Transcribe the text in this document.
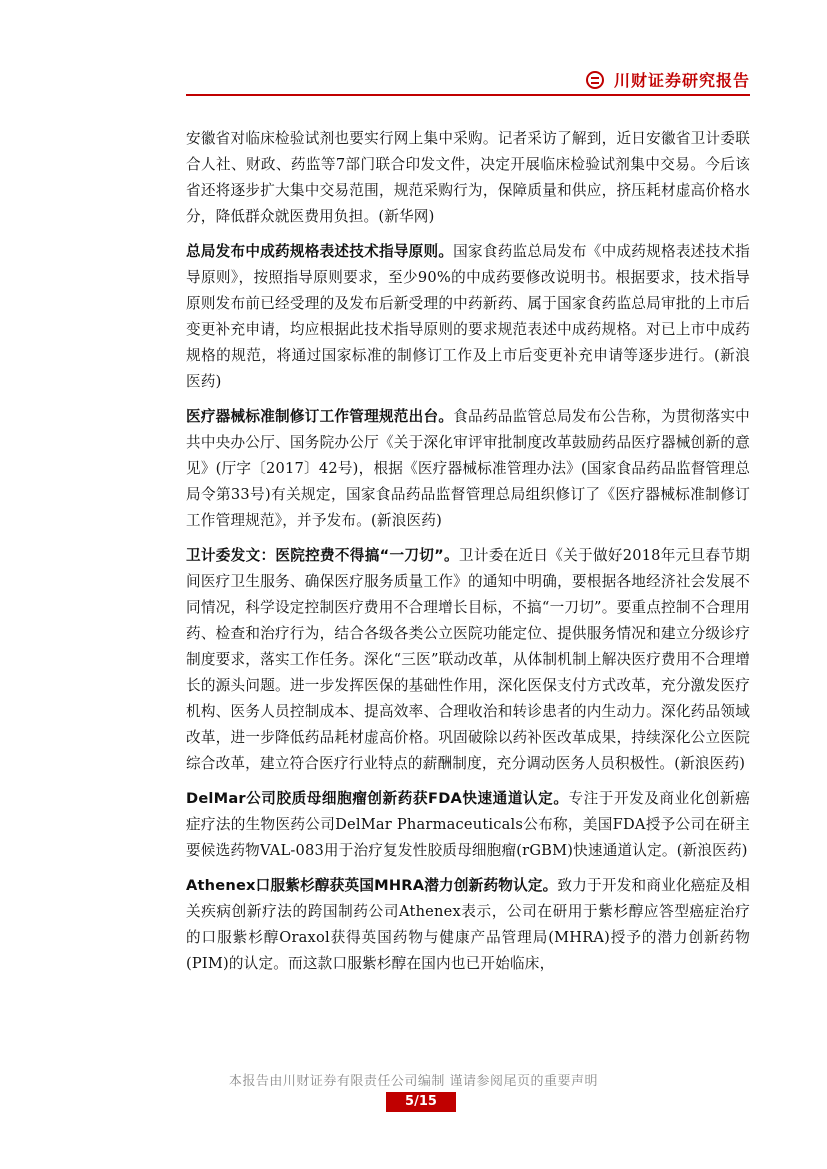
川财证券研究报告

安徽省对临床检验试剂也要实行网上集中采购。记者采访了解到，近日安徽省卫计委联合人社、财政、药监等7部门联合印发文件，决定开展临床检验试剂集中交易。今后该省还将逐步扩大集中交易范围，规范采购行为，保障质量和供应，挤压耗材虚高价格水分，降低群众就医费用负担。(新华网)

总局发布中成药规格表述技术指导原则。国家食药监总局发布《中成药规格表述技术指导原则》，按照指导原则要求，至少90%的中成药要修改说明书。根据要求，技术指导原则发布前已经受理的及发布后新受理的中药新药、属于国家食药监总局审批的上市后变更补充申请，均应根据此技术指导原则的要求规范表述中成药规格。对已上市中成药规格的规范，将通过国家标准的制修订工作及上市后变更补充申请等逐步进行。(新浪医药)

医疗器械标准制修订工作管理规范出台。食品药品监管总局发布公告称，为贯彻落实中共中央办公厅、国务院办公厅《关于深化审评审批制度改革鼓励药品医疗器械创新的意见》(厅字〔2017〕42号)，根据《医疗器械标准管理办法》(国家食品药品监督管理总局令第33号)有关规定，国家食品药品监督管理总局组织修订了《医疗器械标准制修订工作管理规范》，并予发布。(新浪医药)

卫计委发文：医院控费不得搞“一刀切”。卫计委在近日《关于做好2018年元旦春节期间医疗卫生服务、确保医疗服务质量工作》的通知中明确，要根据各地经济社会发展不同情况，科学设定控制医疗费用不合理增长目标，不搞“一刀切”。要重点控制不合理用药、检查和治疗行为，结合各级各类公立医院功能定位、提供服务情况和建立分级诊疗制度要求，落实工作任务。深化“三医”联动改革，从体制机制上解决医疗费用不合理增长的源头问题。进一步发挥医保的基础性作用，深化医保支付方式改革，充分激发医疗机构、医务人员控制成本、提高效率、合理收治和转诊患者的内生动力。深化药品领域改革，进一步降低药品耗材虚高价格。巩固破除以药补医改革成果，持续深化公立医院综合改革，建立符合医疗行业特点的薪酬制度，充分调动医务人员积极性。(新浪医药)

DelMar公司胶质母细胞瘤创新药获FDA快速通道认定。专注于开发及商业化创新癌症疗法的生物医药公司DelMar Pharmaceuticals公布称，美国FDA授予公司在研主要候选药物VAL-083用于治疗复发性胶质母细胞瘤(rGBM)快速通道认定。(新浪医药)

Athenex口服紫杉醇获英国MHRA潜力创新药物认定。致力于开发和商业化癌症及相关疾病创新疗法的跨国制药公司Athenex表示，公司在研用于紫杉醇应答型癌症治疗的口服紫杉醇Oraxol获得英国药物与健康产品管理局(MHRA)授予的潜力创新药物(PIM)的认定。而这款口服紫杉醇在国内也已开始临床，

本报告由川财证券有限责任公司编制 谨请参阅尾页的重要声明
5/15
